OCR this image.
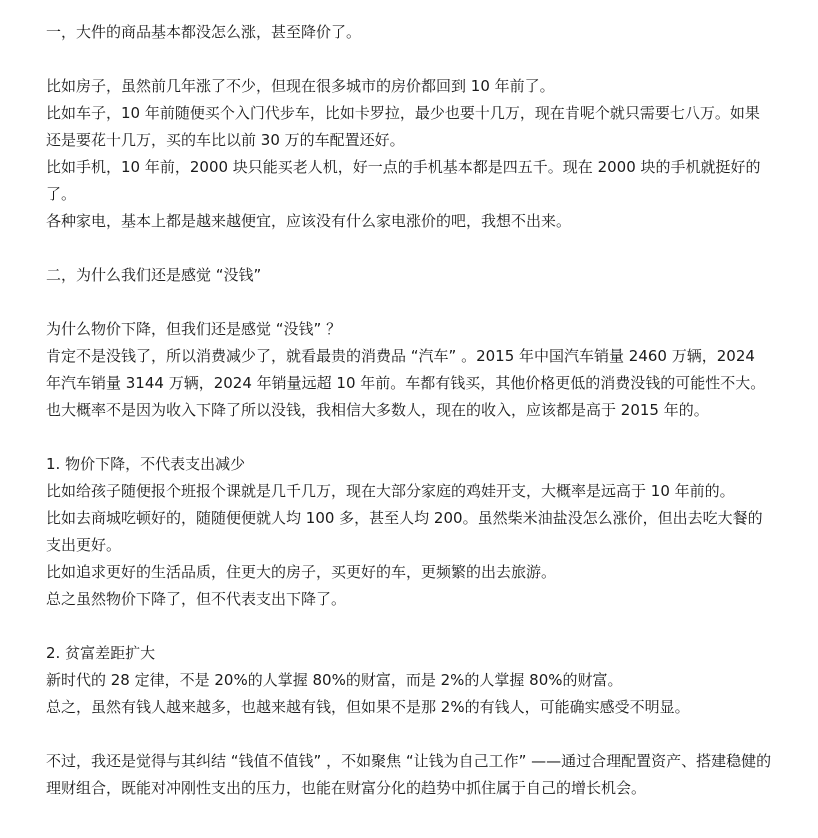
一，大件的商品基本都没怎么涨，甚至降价了。

比如房子，虽然前几年涨了不少，但现在很多城市的房价都回到 10 年前了。

比如车子，10 年前随便买个入门代步车，比如卡罗拉，最少也要十几万，现在肯呢个就只需要七八万。如果还是要花十几万，买的车比以前 30 万的车配置还好。

比如手机，10 年前，2000 块只能买老人机，好一点的手机基本都是四五千。现在 2000 块的手机就挺好的了。

各种家电，基本上都是越来越便宜，应该没有什么家电涨价的吧，我想不出来。

二，为什么我们还是感觉 “没钱”

为什么物价下降，但我们还是感觉 “没钱” ？

肯定不是没钱了，所以消费减少了，就看最贵的消费品 “汽车” 。2015 年中国汽车销量 2460 万辆，2024 年汽车销量 3144 万辆，2024 年销量远超 10 年前。车都有钱买，其他价格更低的消费没钱的可能性不大。

也大概率不是因为收入下降了所以没钱，我相信大多数人，现在的收入，应该都是高于 2015 年的。

1. 物价下降，不代表支出减少

比如给孩子随便报个班报个课就是几千几万，现在大部分家庭的鸡娃开支，大概率是远高于 10 年前的。

比如去商城吃顿好的，随随便便就人均 100 多，甚至人均 200。虽然柴米油盐没怎么涨价，但出去吃大餐的支出更好。

比如追求更好的生活品质，住更大的房子，买更好的车，更频繁的出去旅游。

总之虽然物价下降了，但不代表支出下降了。

2. 贫富差距扩大

新时代的 28 定律，不是 20%的人掌握 80%的财富，而是 2%的人掌握 80%的财富。

总之，虽然有钱人越来越多，也越来越有钱，但如果不是那 2%的有钱人，可能确实感受不明显。

不过，我还是觉得与其纠结 “钱值不值钱” ，不如聚焦 “让钱为自己工作” ——通过合理配置资产、搭建稳健的理财组合，既能对冲刚性支出的压力，也能在财富分化的趋势中抓住属于自己的增长机会。
